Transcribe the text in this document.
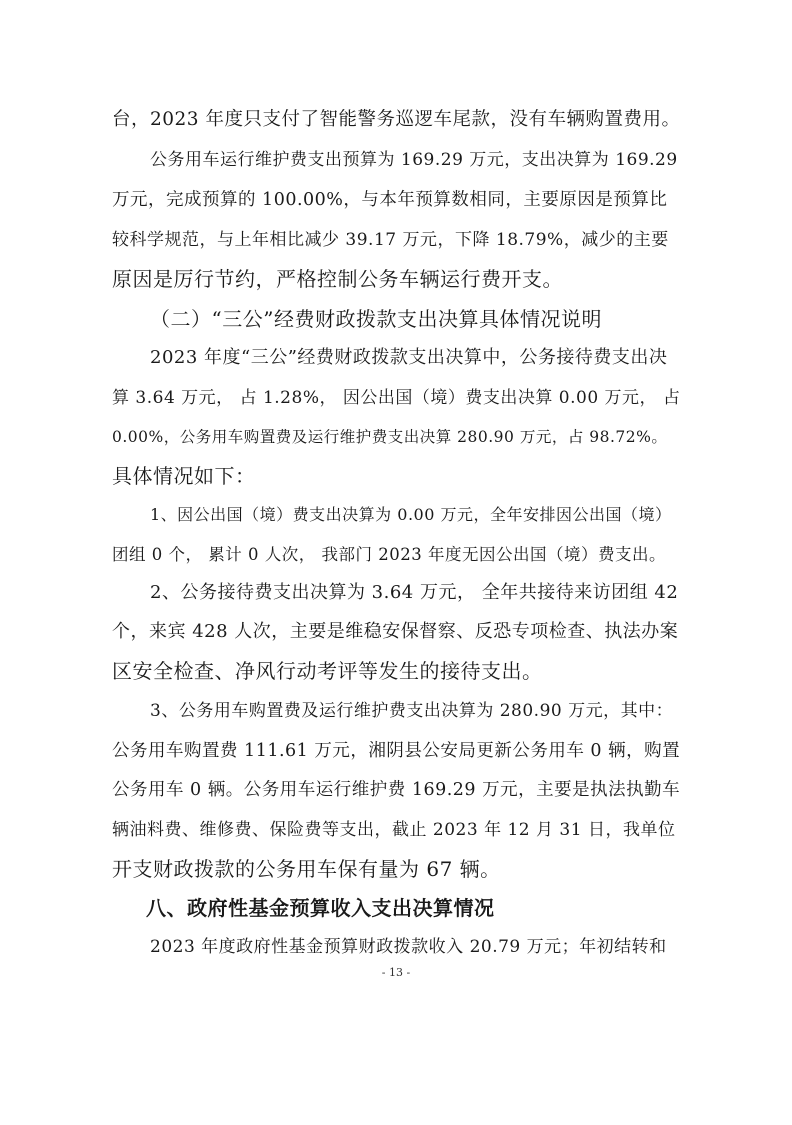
台，2023 年度只支付了智能警务巡逻车尾款，没有车辆购置费用。
公务用车运行维护费支出预算为 169.29 万元，支出决算为 169.29
万元，完成预算的 100.00%，与本年预算数相同，主要原因是预算比
较科学规范，与上年相比减少 39.17 万元，下降 18.79%，减少的主要
原因是厉行节约，严格控制公务车辆运行费开支。
（二）“三公”经费财政拨款支出决算具体情况说明
2023 年度“三公”经费财政拨款支出决算中，公务接待费支出决
算 3.64 万元， 占 1.28%， 因公出国（境）费支出决算 0.00 万元， 占
0.00%，公务用车购置费及运行维护费支出决算 280.90 万元，占 98.72%。
具体情况如下：
1、因公出国（境）费支出决算为 0.00 万元，全年安排因公出国（境）
团组 0 个， 累计 0 人次， 我部门 2023 年度无因公出国（境）费支出。
2、公务接待费支出决算为 3.64 万元， 全年共接待来访团组 42
个，来宾 428 人次，主要是维稳安保督察、反恐专项检查、执法办案
区安全检查、净风行动考评等发生的接待支出。
3、公务用车购置费及运行维护费支出决算为 280.90 万元，其中：
公务用车购置费 111.61 万元，湘阴县公安局更新公务用车 0 辆，购置
公务用车 0 辆。公务用车运行维护费 169.29 万元，主要是执法执勤车
辆油料费、维修费、保险费等支出，截止 2023 年 12 月 31 日，我单位
开支财政拨款的公务用车保有量为 67 辆。
八、政府性基金预算收入支出决算情况
2023 年度政府性基金预算财政拨款收入 20.79 万元；年初结转和
- 13 -
